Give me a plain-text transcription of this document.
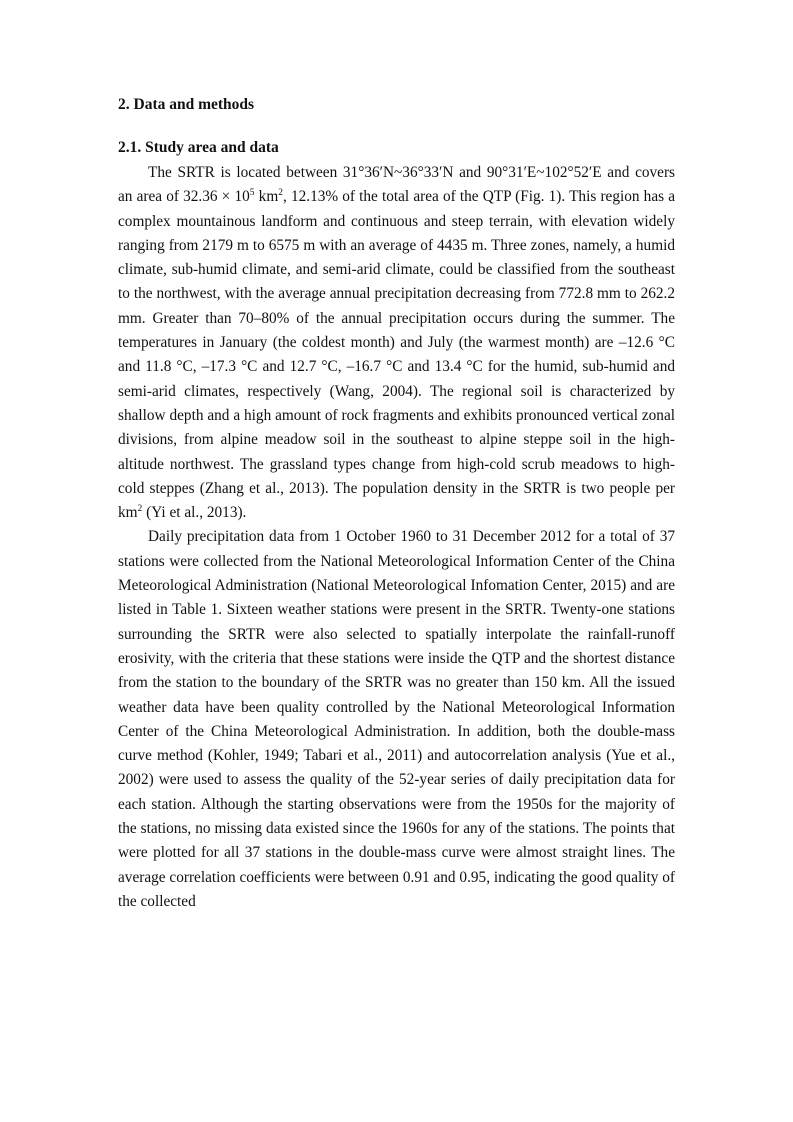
2. Data and methods
2.1. Study area and data

The SRTR is located between 31°36′N~36°33′N and 90°31′E~102°52′E and covers an area of $32.36 \times 10^5$ $km^2$, 12.13% of the total area of the QTP (Fig. 1). This region has a complex mountainous landform and continuous and steep terrain, with elevation widely ranging from 2179 m to 6575 m with an average of 4435 m. Three zones, namely, a humid climate, sub-humid climate, and semi-arid climate, could be classified from the southeast to the northwest, with the average annual precipitation decreasing from 772.8 mm to 262.2 mm. Greater than 70–80% of the annual precipitation occurs during the summer. The temperatures in January (the coldest month) and July (the warmest month) are –12.6 °C and 11.8 °C, –17.3 °C and 12.7 °C, –16.7 °C and 13.4 °C for the humid, sub-humid and semi-arid climates, respectively (Wang, 2004). The regional soil is characterized by shallow depth and a high amount of rock fragments and exhibits pronounced vertical zonal divisions, from alpine meadow soil in the southeast to alpine steppe soil in the high-altitude northwest. The grassland types change from high-cold scrub meadows to high-cold steppes (Zhang et al., 2013). The population density in the SRTR is two people per $km^2$ (Yi et al., 2013).

Daily precipitation data from 1 October 1960 to 31 December 2012 for a total of 37 stations were collected from the National Meteorological Information Center of the China Meteorological Administration (National Meteorological Infomation Center, 2015) and are listed in Table 1. Sixteen weather stations were present in the SRTR. Twenty-one stations surrounding the SRTR were also selected to spatially interpolate the rainfall-runoff erosivity, with the criteria that these stations were inside the QTP and the shortest distance from the station to the boundary of the SRTR was no greater than 150 km. All the issued weather data have been quality controlled by the National Meteorological Information Center of the China Meteorological Administration. In addition, both the double-mass curve method (Kohler, 1949; Tabari et al., 2011) and autocorrelation analysis (Yue et al., 2002) were used to assess the quality of the 52-year series of daily precipitation data for each station. Although the starting observations were from the 1950s for the majority of the stations, no missing data existed since the 1960s for any of the stations. The points that were plotted for all 37 stations in the double-mass curve were almost straight lines. The average correlation coefficients were between 0.91 and 0.95, indicating the good quality of the collected
